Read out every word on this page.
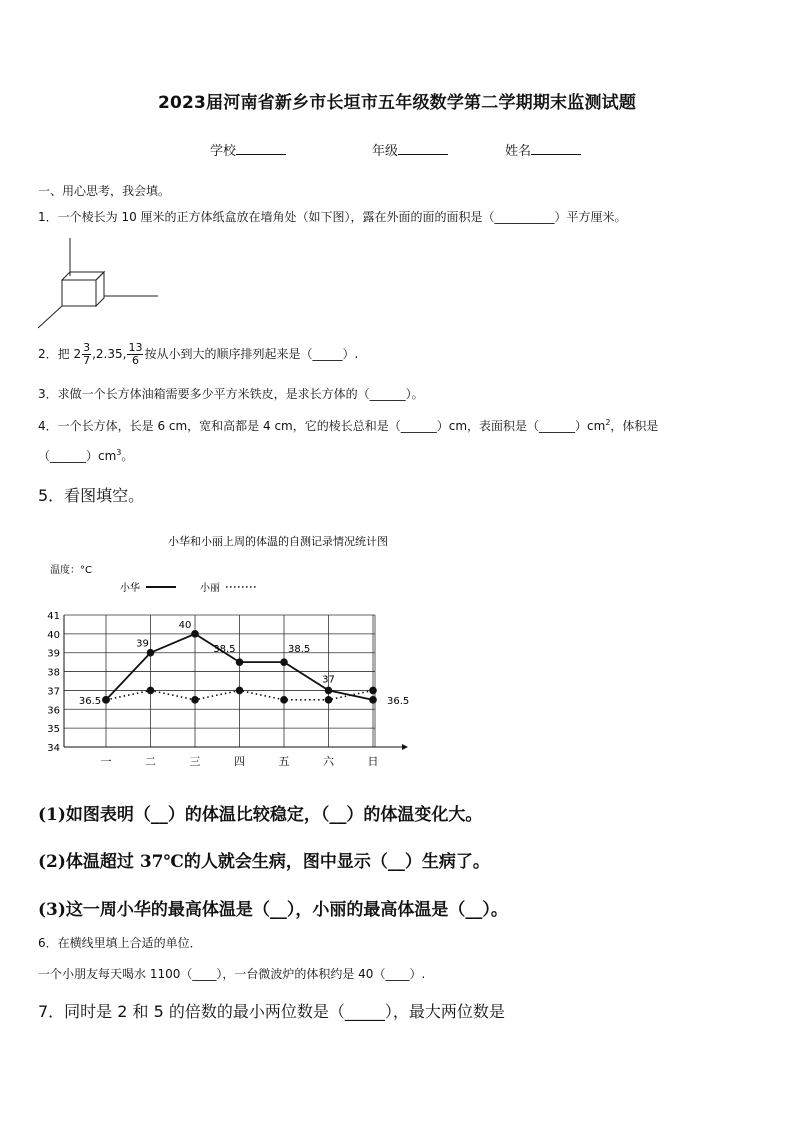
2023届河南省新乡市长垣市五年级数学第二学期期末监测试题
学校	年级	姓名
一、用心思考，我会填。
1．一个棱长为 10 厘米的正方体纸盒放在墙角处（如下图），露在外面的面的面积是（__________）平方厘米。
2．把 $2 \frac{3}{7} ,2.35$, $\frac{13}{6}$ 按从小到大的顺序排列起来是（_____）.
3．求做一个长方体油箱需要多少平方米铁皮，是求长方体的（______）。
4．一个长方体，长是 6 cm，宽和高都是 4 cm，它的棱长总和是（______）cm，表面积是$(\_\_\_\_\_\_)cm^2$，体积是
$(\_\_\_\_\_\_)cm^3$。
5．看图填空。
小华和小丽上周的体温的自测记录情况统计图
温度：°C
小华	小丽
34
35
36
37
38
39
40
41
一	二	三	四	五	六	日
36.5
39
40
38.5	38.5
37
36.5
(1)如图表明（__）的体温比较稳定，（__）的体温变化大。
(2)体温超过 37℃的人就会生病，图中显示（__）生病了。
(3)这一周小华的最高体温是（__），小丽的最高体温是（__）。
6．在横线里填上合适的单位．
一个小朋友每天喝水 1100（____），一台微波炉的体积约是 40（____）.
7．同时是 2 和 5 的倍数的最小两位数是（_____），最大两位数是
